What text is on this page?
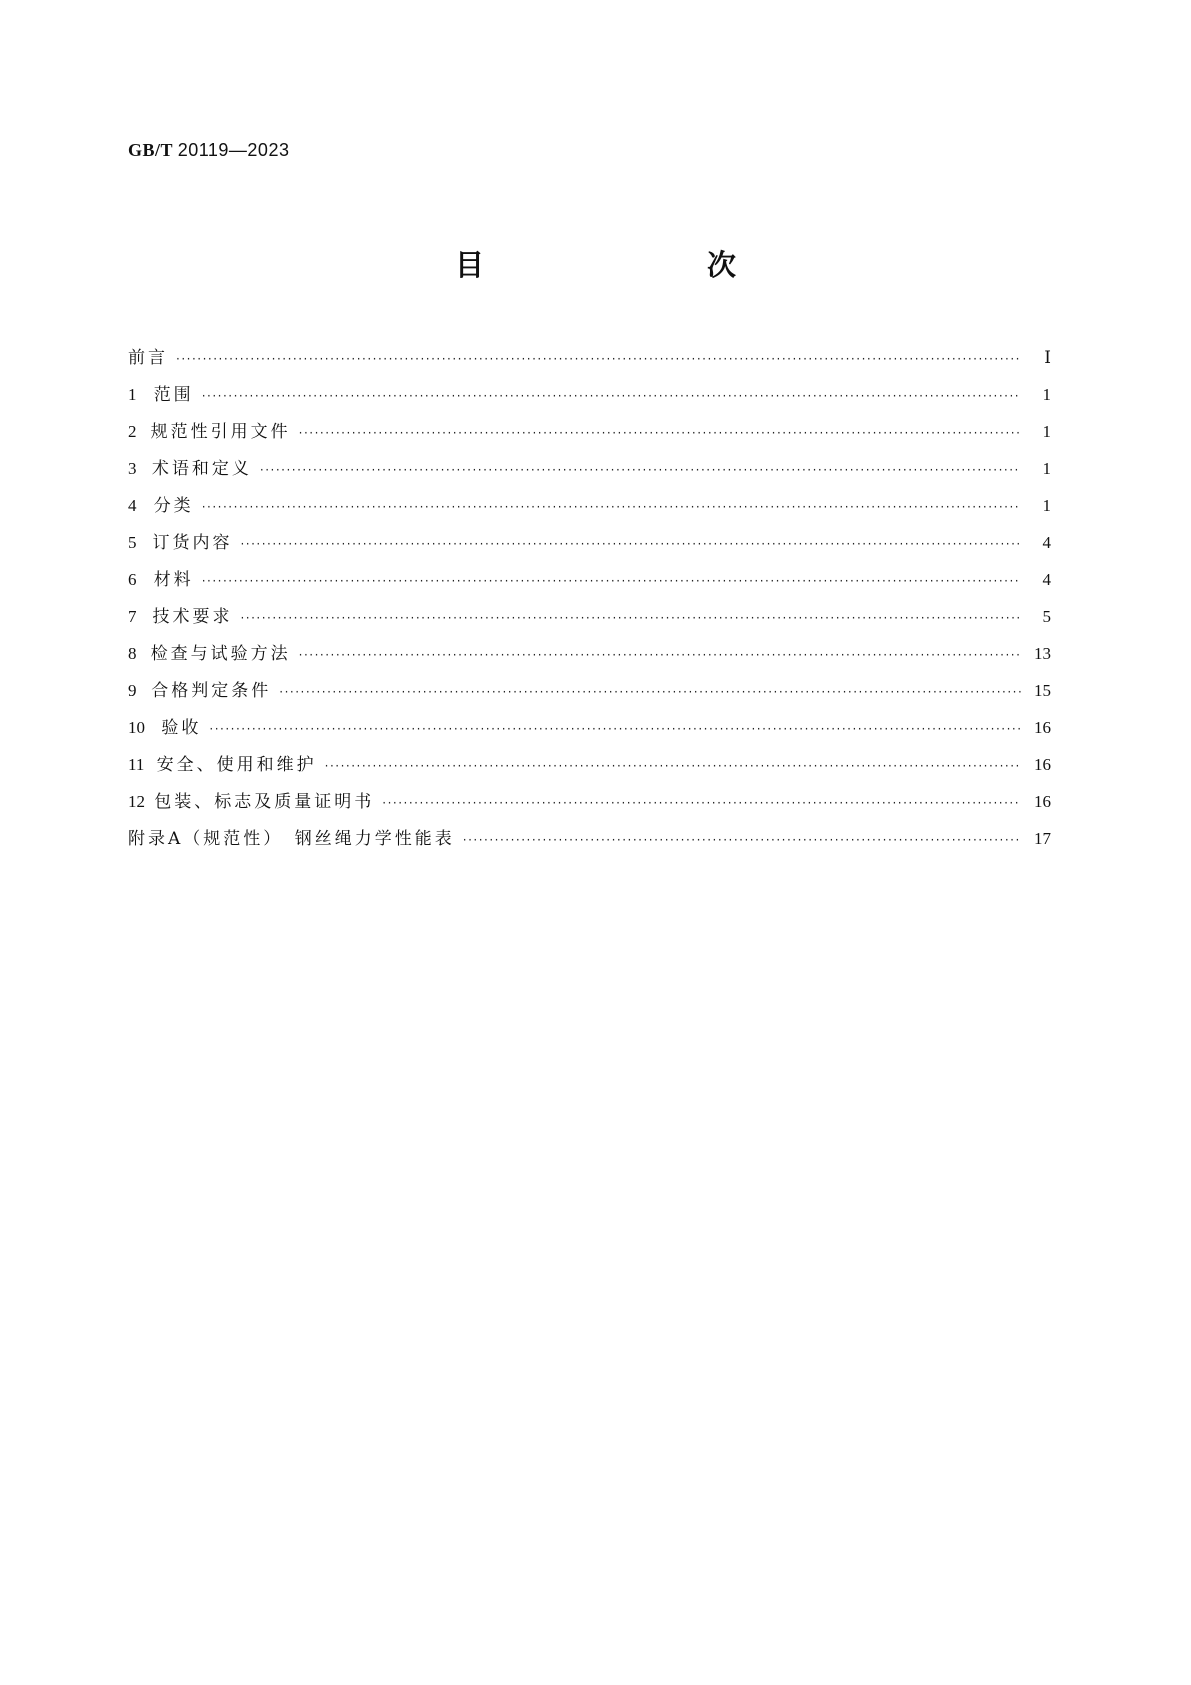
GB/T 20119—2023
目　　次
前言 ·····	Ⅰ
1	范围 ·····	1
2 规范性引用文件 ·····	1
3 术语和定义 ·····	1
4	分类 ·····	1
5 订货内容 ·····	4
6	材料 ·····	4
7 技术要求 ·····	5
8 检查与试验方法 ·····	13
9 合格判定条件 ·····	15
10 验收 ·····	16
11 安全、使用和维护 ·····	16
12 包装、标志及质量证明书 ·····	16
附录A（规范性）　钢丝绳力学性能表 ·····	17
